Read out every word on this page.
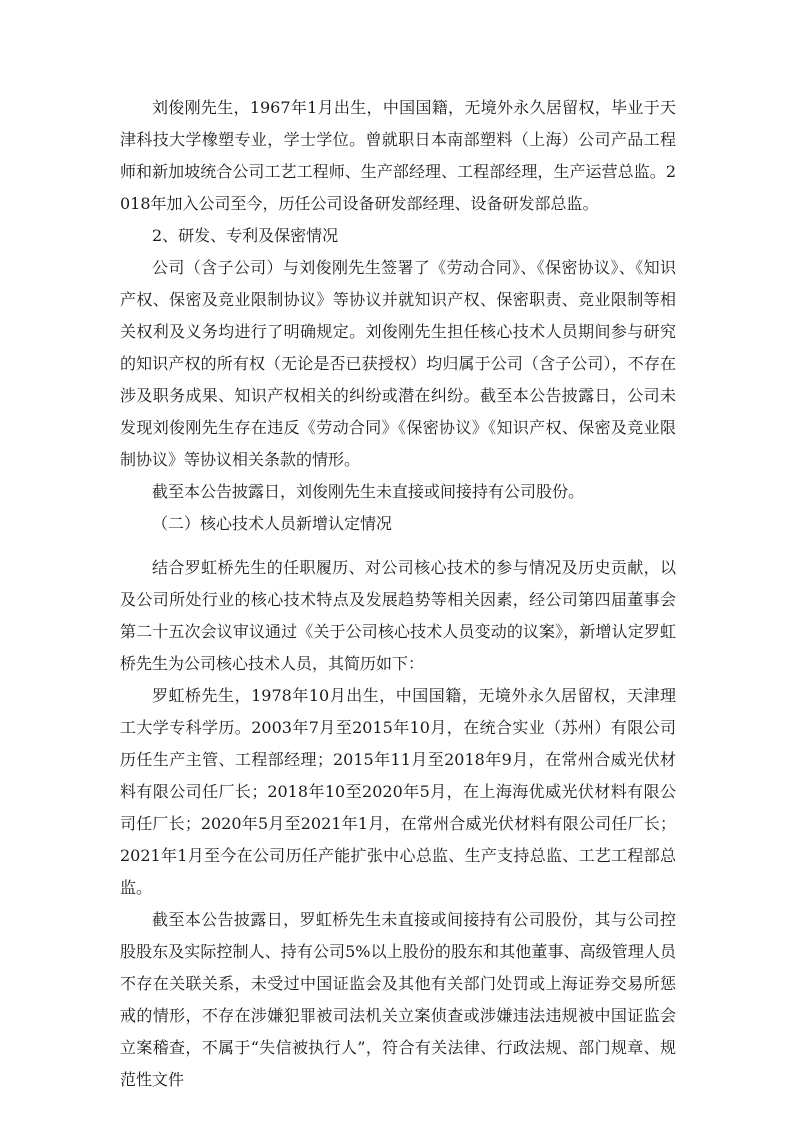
刘俊刚先生，1967年1月出生，中国国籍，无境外永久居留权，毕业于天津科技大学橡塑专业，学士学位。曾就职日本南部塑料（上海）公司产品工程师和新加坡统合公司工艺工程师、生产部经理、工程部经理，生产运营总监。2018年加入公司至今，历任公司设备研发部经理、设备研发部总监。

2、研发、专利及保密情况

公司（含子公司）与刘俊刚先生签署了《劳动合同》、《保密协议》、《知识产权、保密及竞业限制协议》等协议并就知识产权、保密职责、竞业限制等相关权利及义务均进行了明确规定。刘俊刚先生担任核心技术人员期间参与研究的知识产权的所有权（无论是否已获授权）均归属于公司（含子公司），不存在涉及职务成果、知识产权相关的纠纷或潜在纠纷。截至本公告披露日，公司未发现刘俊刚先生存在违反《劳动合同》《保密协议》《知识产权、保密及竞业限制协议》等协议相关条款的情形。

截至本公告披露日，刘俊刚先生未直接或间接持有公司股份。

（二）核心技术人员新增认定情况

结合罗虹桥先生的任职履历、对公司核心技术的参与情况及历史贡献，以及公司所处行业的核心技术特点及发展趋势等相关因素，经公司第四届董事会第二十五次会议审议通过《关于公司核心技术人员变动的议案》，新增认定罗虹桥先生为公司核心技术人员，其简历如下：

罗虹桥先生，1978年10月出生，中国国籍，无境外永久居留权，天津理工大学专科学历。2003年7月至2015年10月，在统合实业（苏州）有限公司历任生产主管、工程部经理；2015年11月至2018年9月，在常州合威光伏材料有限公司任厂长；2018年10至2020年5月，在上海海优威光伏材料有限公司任厂长；2020年5月至2021年1月，在常州合威光伏材料有限公司任厂长；2021年1月至今在公司历任产能扩张中心总监、生产支持总监、工艺工程部总监。

截至本公告披露日，罗虹桥先生未直接或间接持有公司股份，其与公司控股股东及实际控制人、持有公司5%以上股份的股东和其他董事、高级管理人员不存在关联关系，未受过中国证监会及其他有关部门处罚或上海证券交易所惩戒的情形，不存在涉嫌犯罪被司法机关立案侦查或涉嫌违法违规被中国证监会立案稽查，不属于“失信被执行人”，符合有关法律、行政法规、部门规章、规范性文件
